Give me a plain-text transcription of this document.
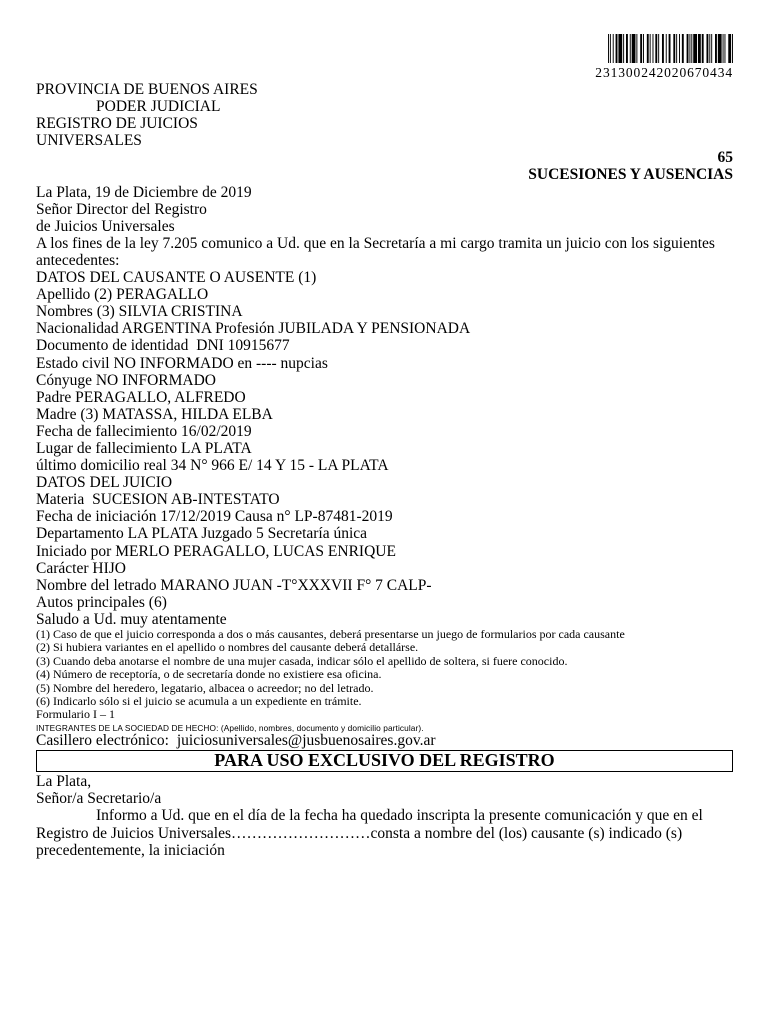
231300242020670434
PROVINCIA DE BUENOS AIRES
PODER JUDICIAL
REGISTRO DE JUICIOS
UNIVERSALES
65
SUCESIONES Y AUSENCIAS
La Plata, 19 de Diciembre de 2019
Señor Director del Registro
de Juicios Universales
A los fines de la ley 7.205 comunico a Ud. que en la Secretaría a mi cargo tramita un juicio con los siguientes
antecedentes:
DATOS DEL CAUSANTE O AUSENTE (1)
Apellido (2) PERAGALLO
Nombres (3) SILVIA CRISTINA
Nacionalidad ARGENTINA Profesión JUBILADA Y PENSIONADA
Documento de identidad DNI 10915677
Estado civil NO INFORMADO en ---- nupcias
Cónyuge NO INFORMADO
Padre PERAGALLO, ALFREDO
Madre (3) MATASSA, HILDA ELBA
Fecha de fallecimiento 16/02/2019
Lugar de fallecimiento LA PLATA
último domicilio real 34 N° 966 E/ 14 Y 15 - LA PLATA
DATOS DEL JUICIO
Materia SUCESION AB-INTESTATO
Fecha de iniciación 17/12/2019 Causa n° LP-87481-2019
Departamento LA PLATA Juzgado 5 Secretaría única
Iniciado por MERLO PERAGALLO, LUCAS ENRIQUE
Carácter HIJO
Nombre del letrado MARANO JUAN -T°XXXVII F° 7 CALP-
Autos principales (6)
Saludo a Ud. muy atentamente
(1) Caso de que el juicio corresponda a dos o más causantes, deberá presentarse un juego de formularios por cada causante
(2) Si hubiera variantes en el apellido o nombres del causante deberá detallárse.
(3) Cuando deba anotarse el nombre de una mujer casada, indicar sólo el apellido de soltera, si fuere conocido.
(4) Número de receptoría, o de secretaría donde no existiere esa oficina.
(5) Nombre del heredero, legatario, albacea o acreedor; no del letrado.
(6) Indicarlo sólo si el juicio se acumula a un expediente en trámite.
Formulario I – 1
INTEGRANTES DE LA SOCIEDAD DE HECHO: (Apellido, nombres, documento y domicilio particular).
Casillero electrónico: juiciosuniversales@jusbuenosaires.gov.ar
PARA USO EXCLUSIVO DEL REGISTRO
La Plata,
Señor/a Secretario/a
Informo a Ud. que en el día de la fecha ha quedado inscripta la presente comunicación y que en el
Registro de Juicios Universales………………………consta a nombre del (los) causante (s) indicado (s)
precedentemente, la iniciación
